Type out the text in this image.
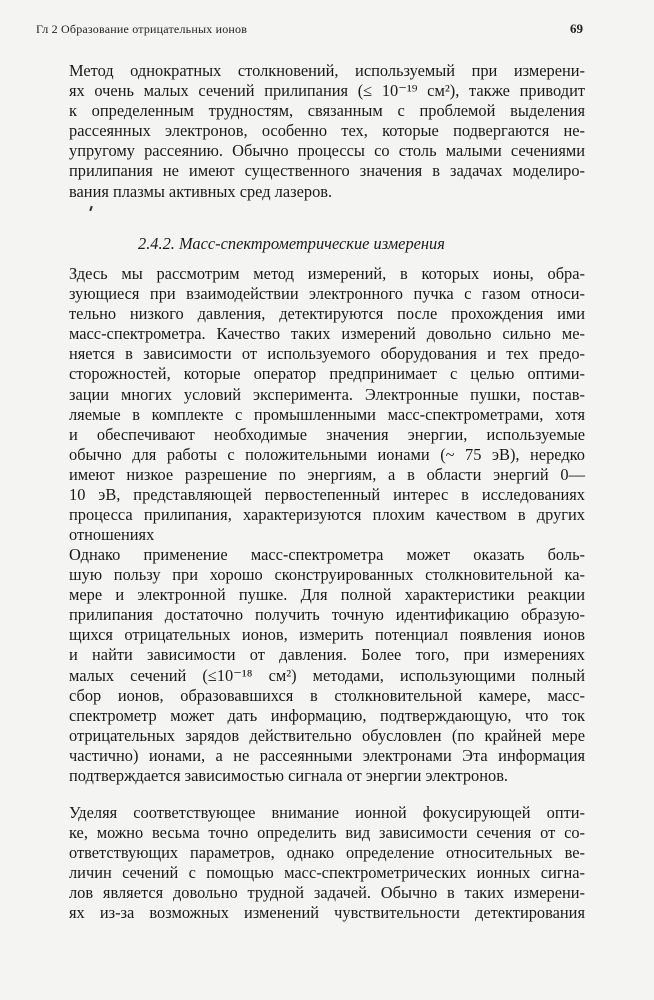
Гл 2 Образование отрицательных ионов	69
Метод однократных столкновений, используемый при измерени-
ях очень малых сечений прилипания (≤ 10⁻¹⁹ см²), также приводит
к определенным трудностям, связанным с проблемой выделения
рассеянных электронов, особенно тех, которые подвергаются не-
упругому рассеянию. Обычно процессы со столь малыми сечениями
прилипания не имеют существенного значения в задачах моделиро-
вания плазмы активных сред лазеров.
2.4.2. Масс-спектрометрические измерения
Здесь мы рассмотрим метод измерений, в которых ионы, обра-
зующиеся при взаимодействии электронного пучка с газом относи-
тельно низкого давления, детектируются после прохождения ими
масс-спектрометра. Качество таких измерений довольно сильно ме-
няется в зависимости от используемого оборудования и тех предо-
сторожностей, которые оператор предпринимает с целью оптими-
зации многих условий эксперимента. Электронные пушки, постав-
ляемые в комплекте с промышленными масс-спектрометрами, хотя
и обеспечивают необходимые значения энергии, используемые
обычно для работы с положительными ионами (~ 75 эВ), нередко
имеют низкое разрешение по энергиям, а в области энергий 0—
10 эВ, представляющей первостепенный интерес в исследованиях
процесса прилипания, характеризуются плохим качеством в других
отношениях
Однако применение масс-спектрометра может оказать боль-
шую пользу при хорошо сконструированных столкновительной ка-
мере и электронной пушке. Для полной характеристики реакции
прилипания достаточно получить точную идентификацию образую-
щихся отрицательных ионов, измерить потенциал появления ионов
и найти зависимости от давления. Более того, при измерениях
малых сечений (≤10⁻¹⁸ см²) методами, использующими полный
сбор ионов, образовавшихся в столкновительной камере, масс-
спектрометр может дать информацию, подтверждающую, что ток
отрицательных зарядов действительно обусловлен (по крайней мере
частично) ионами, а не рассеянными электронами Эта информация
подтверждается зависимостью сигнала от энергии электронов.
Уделяя соответствующее внимание ионной фокусирующей опти-
ке, можно весьма точно определить вид зависимости сечения от со-
ответствующих параметров, однако определение относительных ве-
личин сечений с помощью масс-спектрометрических ионных сигна-
лов является довольно трудной задачей. Обычно в таких измерени-
ях из-за возможных изменений чувствительности детектирования
